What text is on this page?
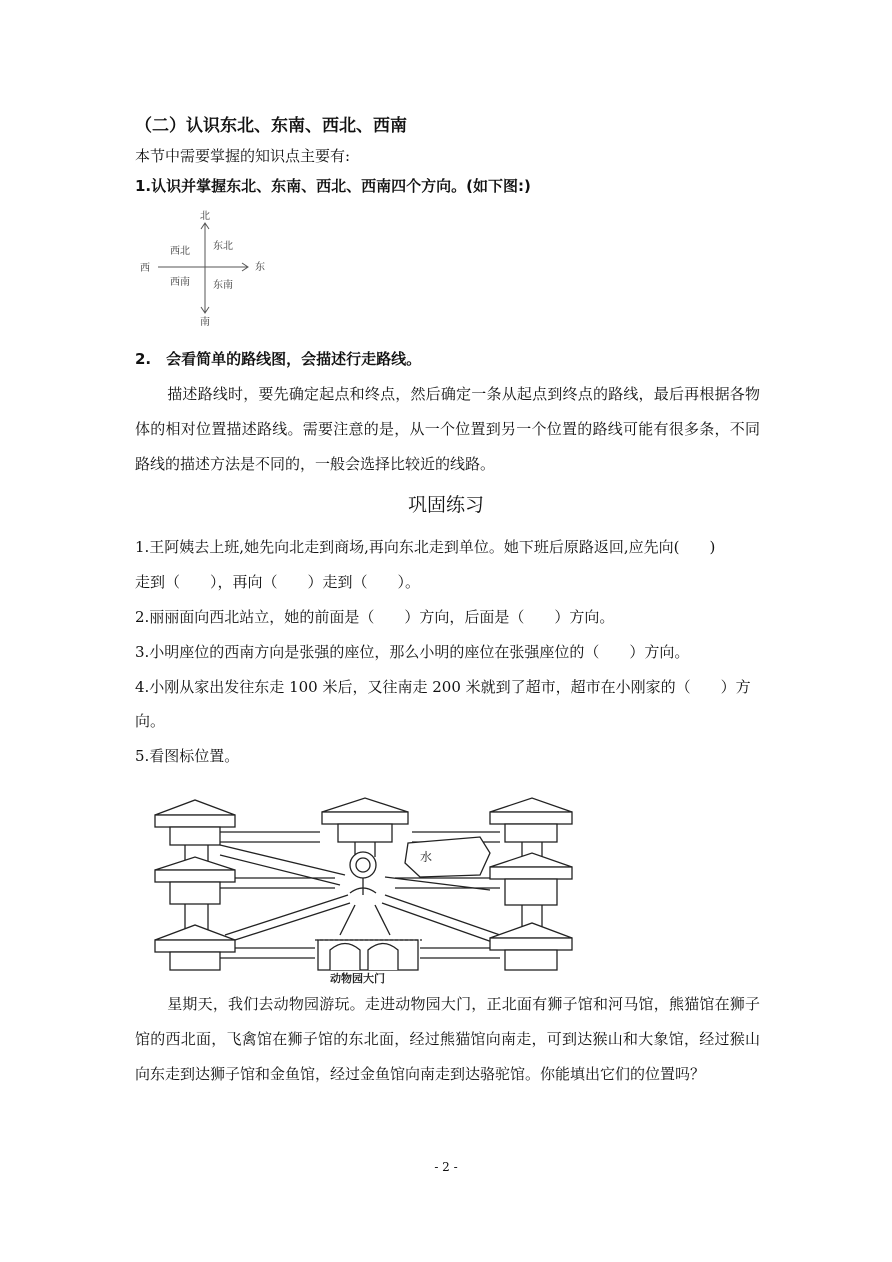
（二）认识东北、东南、西北、西南
本节中需要掌握的知识点主要有:
1.认识并掌握东北、东南、西北、西南四个方向。(如下图:)
北
南
东
西
东北
西北
东南
西南
2.　会看简单的路线图，会描述行走路线。
描述路线时，要先确定起点和终点，然后确定一条从起点到终点的路线，最后再根据各物体的相对位置描述路线。需要注意的是，从一个位置到另一个位置的路线可能有很多条，不同路线的描述方法是不同的，一般会选择比较近的线路。
巩固练习
1.王阿姨去上班,她先向北走到商场,再向东北走到单位。她下班后原路返回,应先向(　　)
走到（　　），再向（　　）走到（　　）。
2.丽丽面向西北站立，她的前面是（　　）方向，后面是（　　）方向。
3.小明座位的西南方向是张强的座位，那么小明的座位在张强座位的（　　）方向。
4.小刚从家出发往东走 100 米后，又往南走 200 米就到了超市，超市在小刚家的（　　）方
向。
5.看图标位置。
水
动物园大门
星期天，我们去动物园游玩。走进动物园大门，正北面有狮子馆和河马馆，熊猫馆在狮子馆的西北面，飞禽馆在狮子馆的东北面，经过熊猫馆向南走，可到达猴山和大象馆，经过猴山向东走到达狮子馆和金鱼馆，经过金鱼馆向南走到达骆驼馆。你能填出它们的位置吗？
- 2 -
